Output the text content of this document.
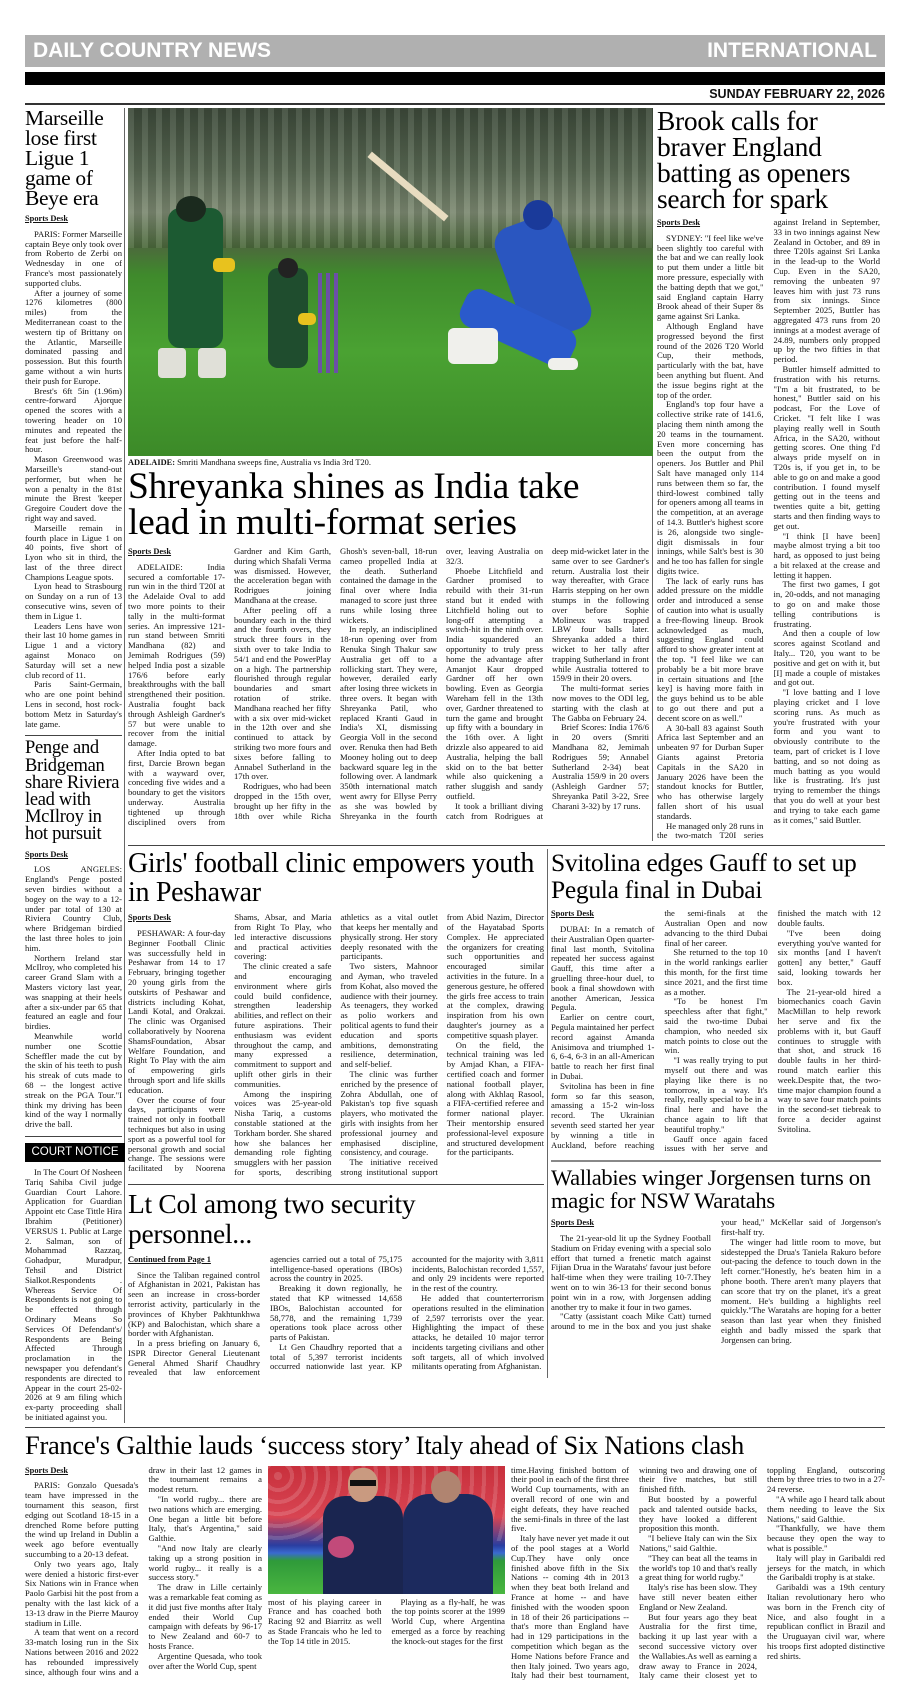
DAILY COUNTRY NEWS	INTERNATIONAL
SUNDAY FEBRUARY 22, 2026
Marseille lose first Ligue 1 game of Beye era
Sports Desk

PARIS: Former Marseille captain Beye only took over from Roberto de Zerbi on Wednesday in one of France's most passionately supported clubs.

After a journey of some 1276 kilometres (800 miles) from the Mediterranean coast to the western tip of Brittany on the Atlantic, Marseille dominated passing and possession. But this fourth game without a win hurts their push for Europe.

Brest's 6ft 5in (1.96m) centre-forward Ajorque opened the scores with a towering header on 10 minutes and repeated the feat just before the half-hour.

Mason Greenwood was Marseille's stand-out performer, but when he won a penalty in the 81st minute the Brest 'keeper Gregoire Coudert dove the right way and saved.

Marseille remain in fourth place in Ligue 1 on 40 points, five short of Lyon who sit in third, the last of the three direct Champions League spots.

Lyon head to Strasbourg on Sunday on a run of 13 consecutive wins, seven of them in Ligue 1.

Leaders Lens have won their last 10 home games in Ligue 1 and a victory against Monaco on Saturday will set a new club record of 11.

Paris Saint-Germain, who are one point behind Lens in second, host rock-bottom Metz in Saturday's late game.

Penge and Bridgeman share Riviera lead with McIlroy in hot pursuit
Sports Desk

LOS ANGELES: England's Penge posted seven birdies without a bogey on the way to a 12-under par total of 130 at Riviera Country Club, where Bridgeman birdied the last three holes to join him.

Northern Ireland star McIlroy, who completed his career Grand Slam with a Masters victory last year, was snapping at their heels after a six-under par 65 that featured an eagle and four birdies.

Meanwhile world number one Scottie Scheffler made the cut by the skin of his teeth to push his streak of cuts made to 68 -- the longest active streak on the PGA Tour."I think my driving has been kind of the way I normally drive the ball.

COURT NOTICE

In The Court Of Nosheen Tariq Sahiba Civil judge Guardian Court Lahore. Application for Guardian Appoint etc Case Tittle Hira Ibrahim (Petitioner) VERSUS 1. Public at Large 2. Salman, son of Mohammad Razzaq, Gohadpur, Muradpur, Tehsil and District Sialkot.Respondents . Whereas Service Of Respondents is not going to be effected through Ordinary Means So Services Of Defendant's/ Respondents are Being Affected Through proclamation in the newspaper you defendant's respondents are directed to Appear in the court 25-02-2026 at 9 am filing which ex-party proceeding shall be initiated against you.

ADELAIDE: Smriti Mandhana sweeps fine, Australia vs India 3rd T20.
Shreyanka shines as India take lead in multi-format series
Sports Desk

ADELAIDE: India secured a comfortable 17-run win in the third T20I at the Adelaide Oval to add two more points to their tally in the multi-format series. An impressive 121-run stand between Smriti Mandhana (82) and Jemimah Rodrigues (59) helped India post a sizable 176/6 before early breakthroughs with the ball strengthened their position. Australia fought back through Ashleigh Gardner's 57 but were unable to recover from the initial damage.

After India opted to bat first, Darcie Brown began with a wayward over, conceding five wides and a boundary to get the visitors underway. Australia tightened up through disciplined overs from Gardner and Kim Garth, during which Shafali Verma was dismissed. However, the acceleration began with Rodrigues joining Mandhana at the crease.

After peeling off a boundary each in the third and the fourth overs, they struck three fours in the sixth over to take India to 54/1 and end the PowerPlay on a high. The partnership flourished through regular boundaries and smart rotation of strike. Mandhana reached her fifty with a six over mid-wicket in the 12th over and she continued to attack by striking two more fours and sixes before falling to Annabel Sutherland in the 17th over.

Rodrigues, who had been dropped in the 15th over, brought up her fifty in the 18th over while Richa Ghosh's seven-ball, 18-run cameo propelled India at the death. Sutherland contained the damage in the final over where India managed to score just three runs while losing three wickets.

In reply, an indisciplined 18-run opening over from Renuka Singh Thakur saw Australia get off to a rollicking start. They were, however, derailed early after losing three wickets in three overs. It began with Shreyanka Patil, who replaced Kranti Gaud in India's XI, dismissing Georgia Voll in the second over. Renuka then had Beth Mooney holing out to deep backward square leg in the following over. A landmark 350th international match went awry for Ellyse Perry as she was bowled by Shreyanka in the fourth over, leaving Australia on 32/3.

Phoebe Litchfield and Gardner promised to rebuild with their 31-run stand but it ended with Litchfield holing out to long-off attempting a switch-hit in the ninth over. India squandered an opportunity to truly press home the advantage after Amanjot Kaur dropped Gardner off her own bowling. Even as Georgia Wareham fell in the 13th over, Gardner threatened to turn the game and brought up fifty with a boundary in the 16th over. A light drizzle also appeared to aid Australia, helping the ball skid on to the bat better while also quickening a rather sluggish and sandy outfield.

It took a brilliant diving catch from Rodrigues at deep mid-wicket later in the same over to see Gardner's return. Australia lost their way thereafter, with Grace Harris stepping on her own stumps in the following over before Sophie Molineux was trapped LBW four balls later. Shreyanka added a third wicket to her tally after trapping Sutherland in front while Australia tottered to 159/9 in their 20 overs.

The multi-format series now moves to the ODI leg, starting with the clash at The Gabba on February 24.

Brief Scores: India 176/6 in 20 overs (Smriti Mandhana 82, Jemimah Rodrigues 59; Annabel Sutherland 2-34) beat Australia 159/9 in 20 overs (Ashleigh Gardner 57; Shreyanka Patil 3-22, Sree Charani 3-32) by 17 runs.

Brook calls for braver England batting as openers search for spark
Sports Desk

SYDNEY: "I feel like we've been slightly too careful with the bat and we can really look to put them under a little bit more pressure, especially with the batting depth that we got," said England captain Harry Brook ahead of their Super 8s game against Sri Lanka.

Although England have progressed beyond the first round of the 2026 T20 World Cup, their methods, particularly with the bat, have been anything but fluent. And the issue begins right at the top of the order.

England's top four have a collective strike rate of 141.6, placing them ninth among the 20 teams in the tournament. Even more concerning has been the output from the openers. Jos Buttler and Phil Salt have managed only 114 runs between them so far, the third-lowest combined tally for openers among all teams in the competition, at an average of 14.3. Buttler's highest score is 26, alongside two single-digit dismissals in four innings, while Salt's best is 30 and he too has fallen for single digits twice.

The lack of early runs has added pressure on the middle order and introduced a sense of caution into what is usually a free-flowing lineup. Brook acknowledged as much, suggesting England could afford to show greater intent at the top. "I feel like we can probably be a bit more brave in certain situations and [the key] is having more faith in the guys behind us to be able to go out there and put a decent score on as well."

A 30-ball 83 against South Africa last September and an unbeaten 97 for Durban Super Giants against Pretoria Capitals in the SA20 in January 2026 have been the standout knocks for Buttler, who has otherwise largely fallen short of his usual standards.

He managed only 28 runs in the two-match T20I series against Ireland in September, 33 in two innings against New Zealand in October, and 89 in three T20Is against Sri Lanka in the lead-up to the World Cup. Even in the SA20, removing the unbeaten 97 leaves him with just 73 runs from six innings. Since September 2025, Buttler has aggregated 473 runs from 20 innings at a modest average of 24.89, numbers only propped up by the two fifties in that period.

Buttler himself admitted to frustration with his returns. "I'm a bit frustrated, to be honest," Buttler said on his podcast, For the Love of Cricket. "I felt like I was playing really well in South Africa, in the SA20, without getting scores. One thing I'd always pride myself on in T20s is, if you get in, to be able to go on and make a good contribution. I found myself getting out in the teens and twenties quite a bit, getting starts and then finding ways to get out.

"I think [I have been] maybe almost trying a bit too hard, as opposed to just being a bit relaxed at the crease and letting it happen.

The first two games, I got in, 20-odds, and not managing to go on and make those telling contributions is frustrating.

And then a couple of low scores against Scotland and Italy... T20, you want to be positive and get on with it, but [I] made a couple of mistakes and got out.

"I love batting and I love playing cricket and I love scoring runs. As much as you're frustrated with your form and you want to obviously contribute to the team, part of cricket is I love batting, and so not doing as much batting as you would like is frustrating. It's just trying to remember the things that you do well at your best and trying to take each game as it comes," said Buttler.

Girls' football clinic empowers youth in Peshawar
Sports Desk

PESHAWAR: A four-day Beginner Football Clinic was successfully held in Peshawar from 14 to 17 February, bringing together 20 young girls from the outskirts of Peshawar and districts including Kohat, Landi Kotal, and Orakzai. The clinic was Organised collaboratively by Noorena ShamsFoundation, Absar Welfare Foundation, and Right To Play with the aim of empowering girls through sport and life skills education.

Over the course of four days, participants were trained not only in football techniques but also in using sport as a powerful tool for personal growth and social change. The sessions were facilitated by Noorena Shams, Absar, and Maria from Right To Play, who led interactive discussions and practical activities covering:

The clinic created a safe and encouraging environment where girls could build confidence, strengthen leadership abilities, and reflect on their future aspirations. Their enthusiasm was evident throughout the camp, and many expressed a commitment to support and uplift other girls in their communities.

Among the inspiring voices was 25-year-old Nisha Tariq, a customs constable stationed at the Torkham border. She shared how she balances her demanding role fighting smugglers with her passion for sports, describing athletics as a vital outlet that keeps her mentally and physically strong. Her story deeply resonated with the participants.

Two sisters, Mahnoor and Ayman, who traveled from Kohat, also moved the audience with their journey. As teenagers, they worked as polio workers and political agents to fund their education and sports ambitions, demonstrating resilience, determination, and self-belief.

The clinic was further enriched by the presence of Zohra Abdullah, one of Pakistan's top five squash players, who motivated the girls with insights from her professional journey and emphasised discipline, consistency, and courage.

The initiative received strong institutional support from Abid Nazim, Director of the Hayatabad Sports Complex. He appreciated the organizers for creating such opportunities and encouraged similar activities in the future. In a generous gesture, he offered the girls free access to train at the complex, drawing inspiration from his own daughter's journey as a competitive squash player.

On the field, the technical training was led by Amjad Khan, a FIFA-certified coach and former national football player, along with Akhlaq Rasool, a FIFA-certified referee and former national player. Their mentorship ensured professional-level exposure and structured development for the participants.

Lt Col among two security personnel...
Continued from Page 1

Since the Taliban regained control of Afghanistan in 2021, Pakistan has seen an increase in cross-border terrorist activity, particularly in the provinces of Khyber Pakhtunkhwa (KP) and Balochistan, which share a border with Afghanistan.

In a press briefing on January 6, ISPR Director General Lieutenant General Ahmed Sharif Chaudhry revealed that law enforcement agencies carried out a total of 75,175 intelligence-based operations (IBOs) across the country in 2025.

Breaking it down regionally, he stated that KP witnessed 14,658 IBOs, Balochistan accounted for 58,778, and the remaining 1,739 operations took place across other parts of Pakistan.

Lt Gen Chaudhry reported that a total of 5,397 terrorist incidents occurred nationwide last year. KP accounted for the majority with 3,811 incidents, Balochistan recorded 1,557, and only 29 incidents were reported in the rest of the country.

He added that counterterrorism operations resulted in the elimination of 2,597 terrorists over the year. Highlighting the impact of these attacks, he detailed 10 major terror incidents targeting civilians and other soft targets, all of which involved militants operating from Afghanistan.

Svitolina edges Gauff to set up Pegula final in Dubai
Sports Desk

DUBAI: In a rematch of their Australian Open quarter-final last month, Svitolina repeated her success against Gauff, this time after a gruelling three-hour duel, to book a final showdown with another American, Jessica Pegula.

Earlier on centre court, Pegula maintained her perfect record against Amanda Anisimova and triumphed 1-6, 6-4, 6-3 in an all-American battle to reach her first final in Dubai.

Svitolina has been in fine form so far this season, amassing a 15-2 win-loss record. The Ukrainian seventh seed started her year by winning a title in Auckland, before reaching the semi-finals at the Australian Open and now advancing to the third Dubai final of her career.

She returned to the top 10 in the world rankings earlier this month, for the first time since 2021, and the first time as a mother.

"To be honest I'm speechless after that fight," said the two-time Dubai champion, who needed six match points to close out the win.

"I was really trying to put myself out there and was playing like there is no tomorrow, in a way. It's really, really special to be in a final here and have the chance again to lift that beautiful trophy."

Gauff once again faced issues with her serve and finished the match with 12 double faults.

"I've been doing everything you've wanted for six months [and I haven't gotten] any better," Gauff said, looking towards her box.

The 21-year-old hired a biomechanics coach Gavin MacMillan to help rework her serve and fix the problems with it, but Gauff continues to struggle with that shot, and struck 16 double faults in her third-round match earlier this week.Despite that, the two-time major champion found a way to save four match points in the second-set tiebreak to force a decider against Svitolina.

Wallabies winger Jorgensen turns on magic for NSW Waratahs
Sports Desk

The 21-year-old lit up the Sydney Football Stadium on Friday evening with a special solo effort that turned a frenetic match against Fijian Drua in the Waratahs' favour just before half-time when they were trailing 10-7.They went on to win 36-13 for their second bonus point win in a row, with Jorgensen adding another try to make it four in two games.

"Catty (assistant coach Mike Catt) turned around to me in the box and you just shake your head," McKellar said of Jorgenson's first-half try.

The winger had little room to move, but sidestepped the Drua's Taniela Rakuro before out-pacing the defence to touch down in the left corner."Honestly, he's beaten him in a phone booth. There aren't many players that can score that try on the planet, it's a great moment. He's building a highlights reel quickly."The Waratahs are hoping for a better season than last year when they finished eighth and badly missed the spark that Jorgensen can bring.

France's Galthie lauds ‘success story’ Italy ahead of Six Nations clash
Sports Desk

PARIS: Gonzalo Quesada's team have impressed in the tournament this season, first edging out Scotland 18-15 in a drenched Rome before putting the wind up Ireland in Dublin a week ago before eventually succumbing to a 20-13 defeat.

Only two years ago, Italy were denied a historic first-ever Six Nations win in France when Paolo Garbisi hit the post from a penalty with the last kick of a 13-13 draw in the Pierre Mauroy stadium in Lille.

A team that went on a record 33-match losing run in the Six Nations between 2016 and 2022 has rebounded impressively since, although four wins and a draw in their last 12 games in the tournament remains a modest return.

"In world rugby... there are two nations which are emerging. One began a little bit before Italy, that's Argentina," said Galthie.

"And now Italy are clearly taking up a strong position in world rugby... it really is a success story."

The draw in Lille certainly was a remarkable feat coming as it did just five months after Italy ended their World Cup campaign with defeats by 96-17 to New Zealand and 60-7 to hosts France.

Argentine Quesada, who took over after the World Cup, spent

most of his playing career in France and has coached both Racing 92 and Biarritz as well as Stade Francais who he led to the Top 14 title in 2015.

Playing as a fly-half, he was the top points scorer at the 1999 World Cup, where Argentina emerged as a force by reaching the knock-out stages for the first

time.Having finished bottom of their pool in each of the first three World Cup tournaments, with an overall record of one win and eight defeats, they have reached the semi-finals in three of the last five.

Italy have never yet made it out of the pool stages at a World Cup.They have only once finished above fifth in the Six Nations -- coming 4th in 2013 when they beat both Ireland and France at home -- and have finished with the wooden spoon in 18 of their 26 participations -- that's more than England have had in 129 participations in the competition which began as the Home Nations before France and then Italy joined. Two years ago, Italy had their best tournament, winning two and drawing one of their five matches, but still finished fifth.

But boosted by a powerful pack and talented outside backs, they have looked a different proposition this month.

"I believe Italy can win the Six Nations," said Galthie.

"They can beat all the teams in the world's top 10 and that's really a great thing for world rugby."

Italy's rise has been slow. They have still never beaten either England or New Zealand.

But four years ago they beat Australia for the first time, backing it up last year with a second successive victory over the Wallabies.As well as earning a draw away to France in 2024, Italy came their closest yet to toppling England, outscoring them by three tries to two in a 27-24 reverse.

"A while ago I heard talk about them needing to leave the Six Nations," said Galthie.

"Thankfully, we have them because they open the way to what is possible."

Italy will play in Garibaldi red jerseys for the match, in which the Garibaldi trophy is at stake.

Garibaldi was a 19th century Italian revolutionary hero who was born in the French city of Nice, and also fought in a republican conflict in Brazil and the Uruguayan civil war, where his troops first adopted distinctive red shirts.
